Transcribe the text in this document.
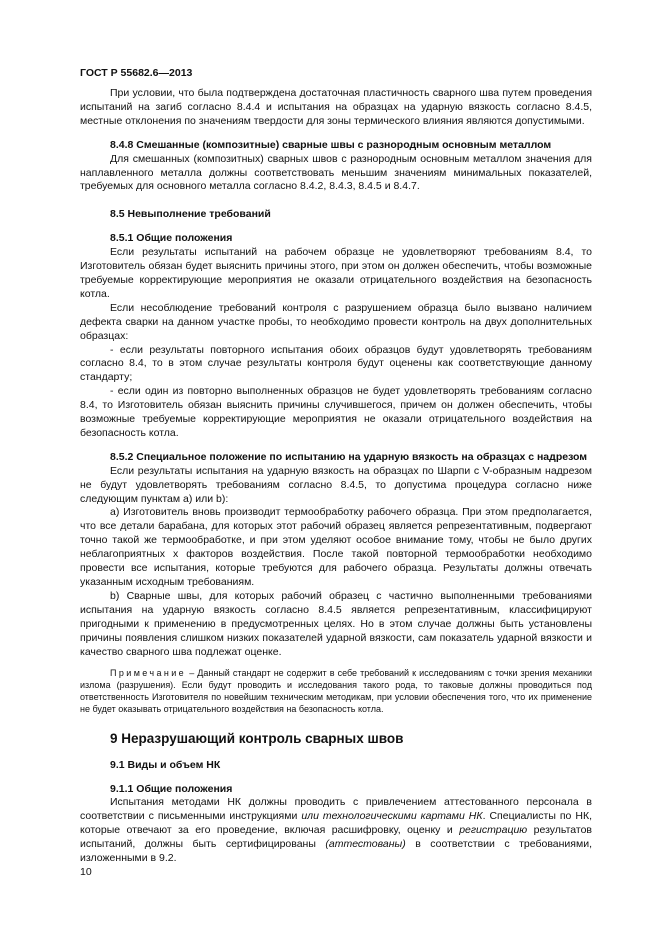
ГОСТ Р 55682.6—2013

При условии, что была подтверждена достаточная пластичность сварного шва путем проведения испытаний на загиб согласно 8.4.4 и испытания на образцах на ударную вязкость согласно 8.4.5, местные отклонения по значениям твердости для зоны термического влияния являются допустимыми.

8.4.8 Смешанные (композитные) сварные швы с разнородным основным металлом

Для смешанных (композитных) сварных швов с разнородным основным металлом значения для наплавленного металла должны соответствовать меньшим значениям минимальных показателей, требуемых для основного металла согласно 8.4.2, 8.4.3, 8.4.5 и 8.4.7.

8.5 Невыполнение требований

8.5.1 Общие положения

Если результаты испытаний на рабочем образце не удовлетворяют требованиям 8.4, то Изготовитель обязан будет выяснить причины этого, при этом он должен обеспечить, чтобы возможные требуемые корректирующие мероприятия не оказали отрицательного воздействия на безопасность котла.

Если несоблюдение требований контроля с разрушением образца было вызвано наличием дефекта сварки на данном участке пробы, то необходимо провести контроль на двух дополнительных образцах:

- если результаты повторного испытания обоих образцов будут удовлетворять требованиям согласно 8.4, то в этом случае результаты контроля будут оценены как соответствующие данному стандарту;

- если один из повторно выполненных образцов не будет удовлетворять требованиям согласно 8.4, то Изготовитель обязан выяснить причины случившегося, причем он должен обеспечить, чтобы возможные требуемые корректирующие мероприятия не оказали отрицательного воздействия на безопасность котла.

8.5.2 Специальное положение по испытанию на ударную вязкость на образцах с надрезом

Если результаты испытания на ударную вязкость на образцах по Шарпи с V-образным надрезом не будут удовлетворять требованиям согласно 8.4.5, то допустима процедура согласно ниже следующим пунктам а) или b):

а) Изготовитель вновь производит термообработку рабочего образца. При этом предполагается, что все детали барабана, для которых этот рабочий образец является репрезентативным, подвергают точно такой же термообработке, и при этом уделяют особое внимание тому, чтобы не было других неблагоприятных х факторов воздействия. После такой повторной термообработки необходимо провести все испытания, которые требуются для рабочего образца. Результаты должны отвечать указанным исходным требованиям.

b) Сварные швы, для которых рабочий образец с частично выполненными требованиями испытания на ударную вязкость согласно 8.4.5 является репрезентативным, классифицируют пригодными к применению в предусмотренных целях. Но в этом случае должны быть установлены причины появления слишком низких показателей ударной вязкости, сам показатель ударной вязкости и качество сварного шва подлежат оценке.

Примечание – Данный стандарт не содержит в себе требований к исследованиям с точки зрения механики излома (разрушения). Если будут проводить и исследования такого рода, то таковые должны проводиться под ответственность Изготовителя по новейшим техническим методикам, при условии обеспечения того, что их применение не будет оказывать отрицательного воздействия на безопасность котла.

9 Неразрушающий контроль сварных швов

9.1 Виды и объем НК

9.1.1 Общие положения

Испытания методами НК должны проводить с привлечением аттестованного персонала в соответствии с письменными инструкциями или технологическими картами НК. Специалисты по НК, которые отвечают за его проведение, включая расшифровку, оценку и регистрацию результатов испытаний, должны быть сертифицированы (аттестованы) в соответствии с требованиями, изложенными в 9.2.

10
